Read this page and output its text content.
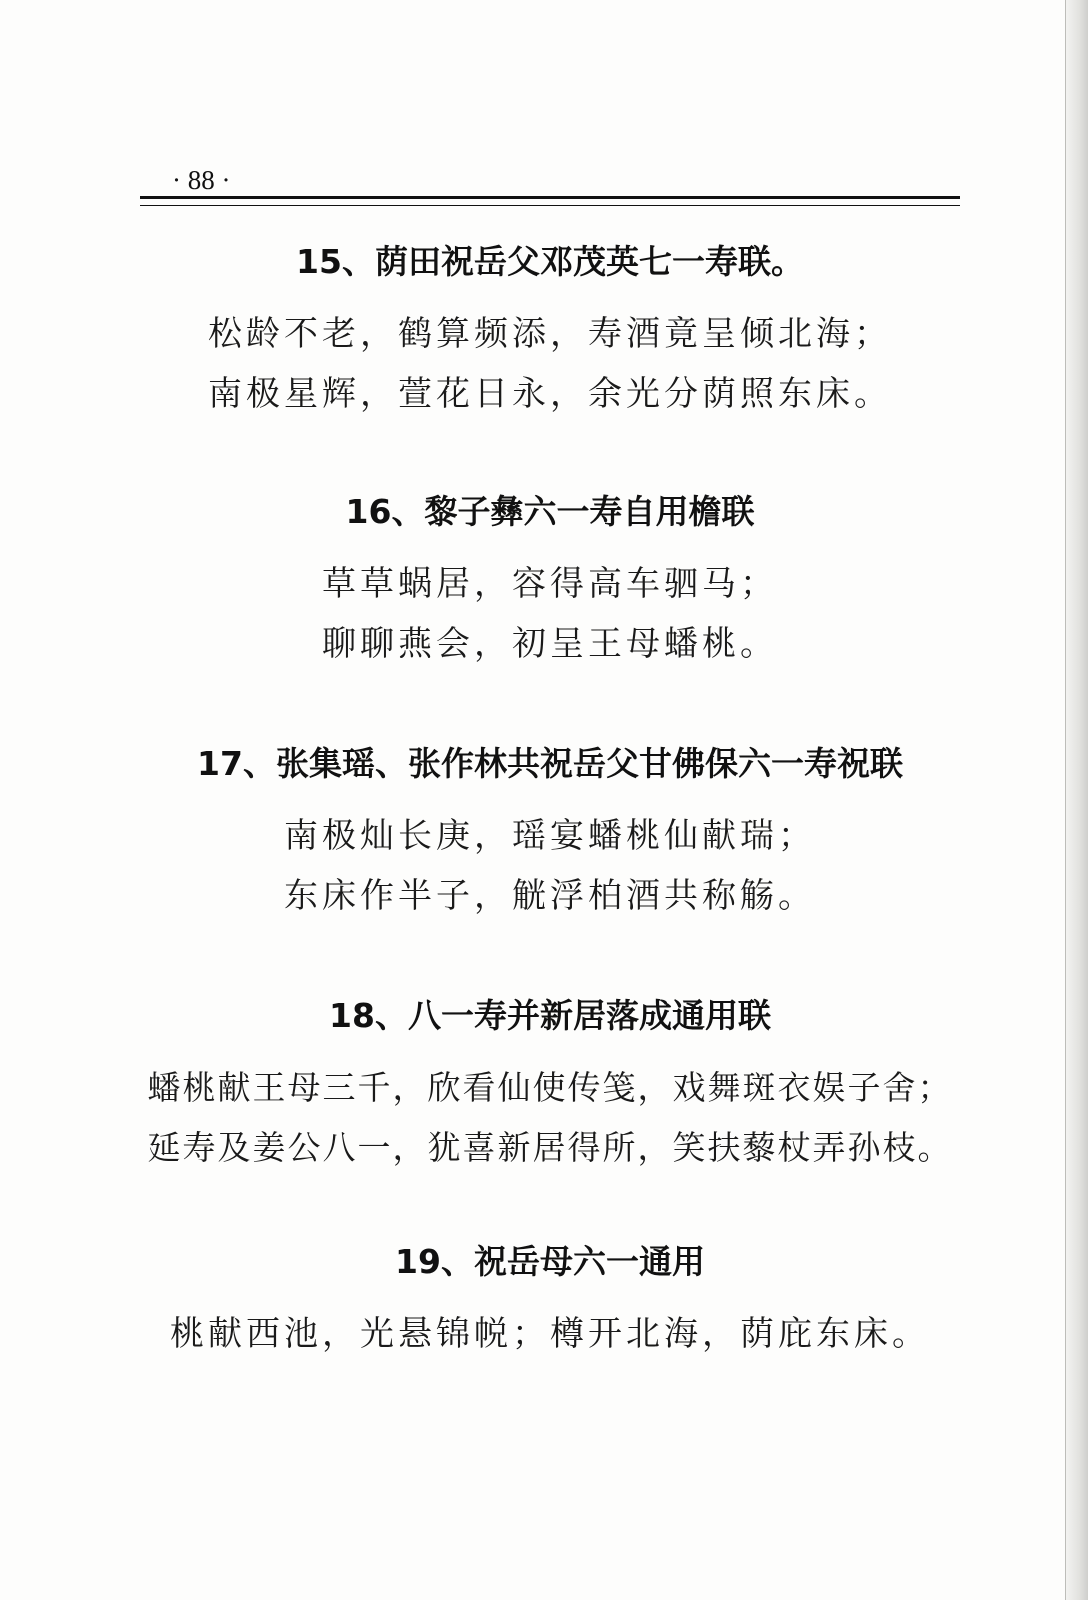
· 88 ·
15、荫田祝岳父邓茂英七一寿联。
松龄不老，鹤算频添，寿酒竟呈倾北海；
南极星辉，萱花日永，余光分荫照东床。
16、黎子彝六一寿自用檐联
草草蜗居，容得高车驷马；
聊聊燕会，初呈王母蟠桃。
17、张集瑶、张作林共祝岳父甘佛保六一寿祝联
南极灿长庚，瑶宴蟠桃仙献瑞；
东床作半子，觥浮柏酒共称觞。
18、八一寿并新居落成通用联
蟠桃献王母三千，欣看仙使传笺，戏舞斑衣娱子舍；
延寿及姜公八一，犹喜新居得所，笑扶藜杖弄孙枝。
19、祝岳母六一通用
桃献西池，光悬锦帨；樽开北海，荫庇东床。
